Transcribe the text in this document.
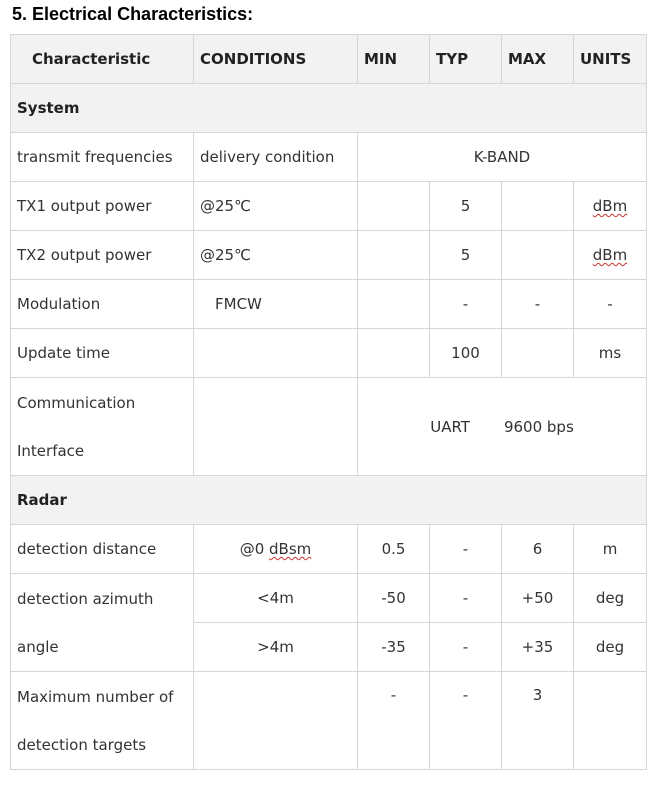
5. Electrical Characteristics:
Characteristic	CONDITIONS	MIN	TYP	MAX	UNITS
System					
transmit frequencies	delivery condition	K-BAND			
TX1 output power	@25℃		5		dBm
TX2 output power	@25℃		5		dBm
Modulation	FMCW		-	-	-
Update time			100		ms
Communication
Interface		UART 9600 bps			
Radar					
detection distance	@0 dBsm	0.5	-	6	m
detection azimuth
angle	<4m	-50	-	+50	deg
	>4m	-35	-	+35	deg
Maximum number of
detection targets		-	-	3	
